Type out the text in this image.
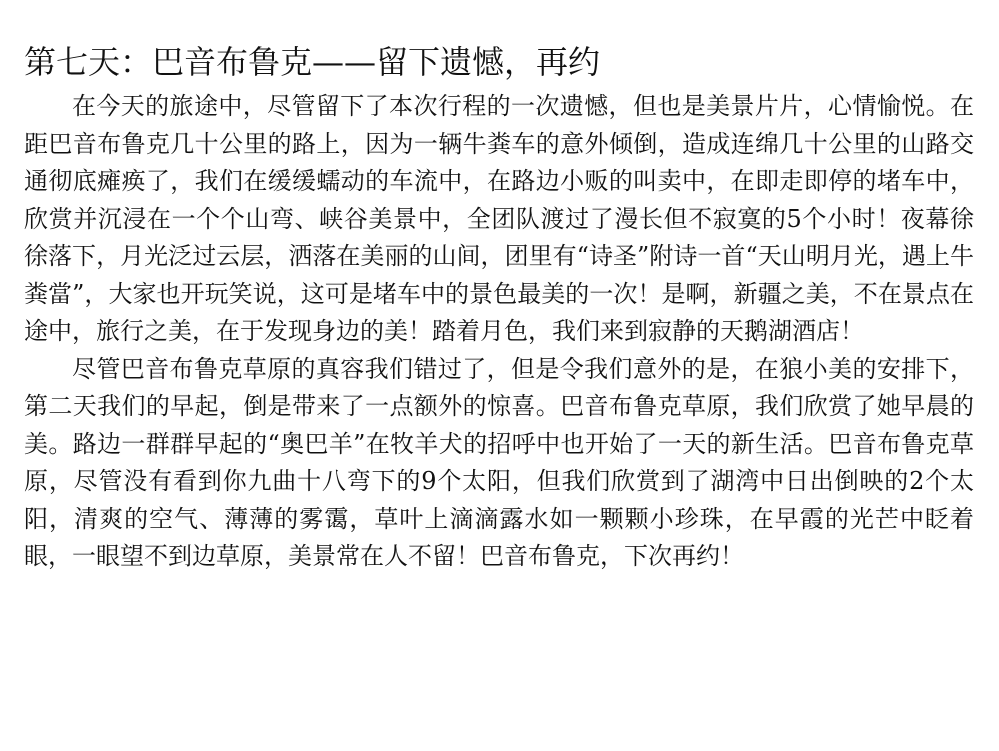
第七天：巴音布鲁克——留下遗憾，再约

在今天的旅途中，尽管留下了本次行程的一次遗憾，但也是美景片片，心情愉悦。在距巴音布鲁克几十公里的路上，因为一辆牛粪车的意外倾倒，造成连绵几十公里的山路交通彻底瘫痪了，我们在缓缓蠕动的车流中，在路边小贩的叫卖中，在即走即停的堵车中，欣赏并沉浸在一个个山弯、峡谷美景中，全团队渡过了漫长但不寂寞的5个小时！夜幕徐徐落下，月光泛过云层，洒落在美丽的山间，团里有“诗圣”附诗一首“天山明月光，遇上牛粪當”，大家也开玩笑说，这可是堵车中的景色最美的一次！是啊，新疆之美，不在景点在途中，旅行之美，在于发现身边的美！踏着月色，我们来到寂静的天鹅湖酒店！

尽管巴音布鲁克草原的真容我们错过了，但是令我们意外的是，在狼小美的安排下，第二天我们的早起，倒是带来了一点额外的惊喜。巴音布鲁克草原，我们欣赏了她早晨的美。路边一群群早起的“奥巴羊”在牧羊犬的招呼中也开始了一天的新生活。巴音布鲁克草原，尽管没有看到你九曲十八弯下的9个太阳，但我们欣赏到了湖湾中日出倒映的2个太阳，清爽的空气、薄薄的雾霭，草叶上滴滴露水如一颗颗小珍珠，在早霞的光芒中眨着眼，一眼望不到边草原，美景常在人不留！巴音布鲁克，下次再约！
